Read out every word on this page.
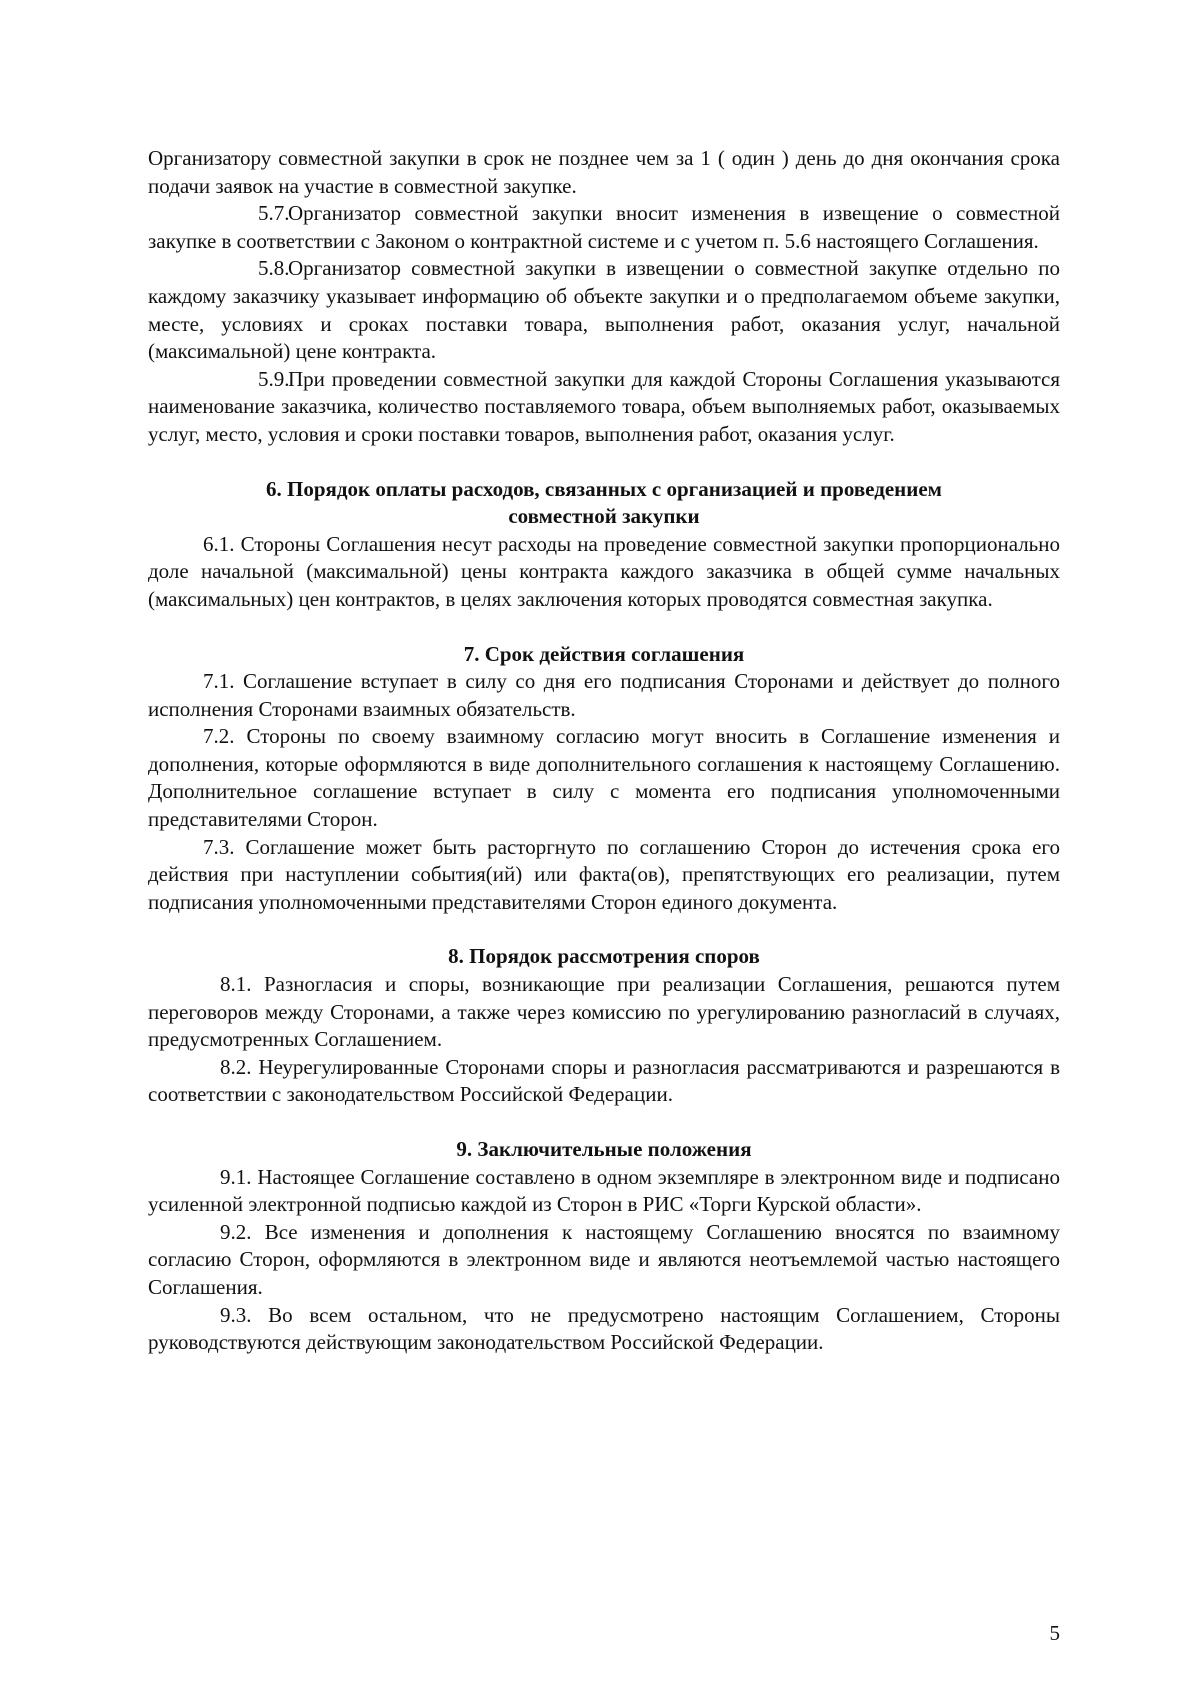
Организатору совместной закупки в срок не позднее чем за 1 ( один ) день до дня окончания срока подачи заявок на участие в совместной закупке.

5.7.Организатор совместной закупки вносит изменения в извещение о совместной закупке в соответствии с Законом о контрактной системе и с учетом п. 5.6 настоящего Соглашения.

5.8.Организатор совместной закупки в извещении о совместной закупке отдельно по каждому заказчику указывает информацию об объекте закупки и о предполагаемом объеме закупки, месте, условиях и сроках поставки товара, выполнения работ, оказания услуг, начальной (максимальной) цене контракта.

5.9.При проведении совместной закупки для каждой Стороны Соглашения указываются наименование заказчика, количество поставляемого товара, объем выполняемых работ, оказываемых услуг, место, условия и сроки поставки товаров, выполнения работ, оказания услуг.

6. Порядок оплаты расходов, связанных с организацией и проведением
совместной закупки

6.1. Стороны Соглашения несут расходы на проведение совместной закупки пропорционально доле начальной (максимальной) цены контракта каждого заказчика в общей сумме начальных (максимальных) цен контрактов, в целях заключения которых проводятся совместная закупка.

7. Срок действия соглашения

7.1. Соглашение вступает в силу со дня его подписания Сторонами и действует до полного исполнения Сторонами взаимных обязательств.

7.2. Стороны по своему взаимному согласию могут вносить в Соглашение изменения и дополнения, которые оформляются в виде дополнительного соглашения к настоящему Соглашению. Дополнительное соглашение вступает в силу с момента его подписания уполномоченными представителями Сторон.

7.3. Соглашение может быть расторгнуто по соглашению Сторон до истечения срока его действия при наступлении события(ий) или факта(ов), препятствующих его реализации, путем подписания уполномоченными представителями Сторон единого документа.

8. Порядок рассмотрения споров

8.1. Разногласия и споры, возникающие при реализации Соглашения, решаются путем переговоров между Сторонами, а также через комиссию по урегулированию разногласий в случаях, предусмотренных Соглашением.

8.2. Неурегулированные Сторонами споры и разногласия рассматриваются и разрешаются в соответствии с законодательством Российской Федерации.

9. Заключительные положения

9.1. Настоящее Соглашение составлено в одном экземпляре в электронном виде и подписано усиленной электронной подписью каждой из Сторон в РИС «Торги Курской области».

9.2. Все изменения и дополнения к настоящему Соглашению вносятся по взаимному согласию Сторон, оформляются в электронном виде и являются неотъемлемой частью настоящего Соглашения.

9.3. Во всем остальном, что не предусмотрено настоящим Соглашением, Стороны руководствуются действующим законодательством Российской Федерации.

5
